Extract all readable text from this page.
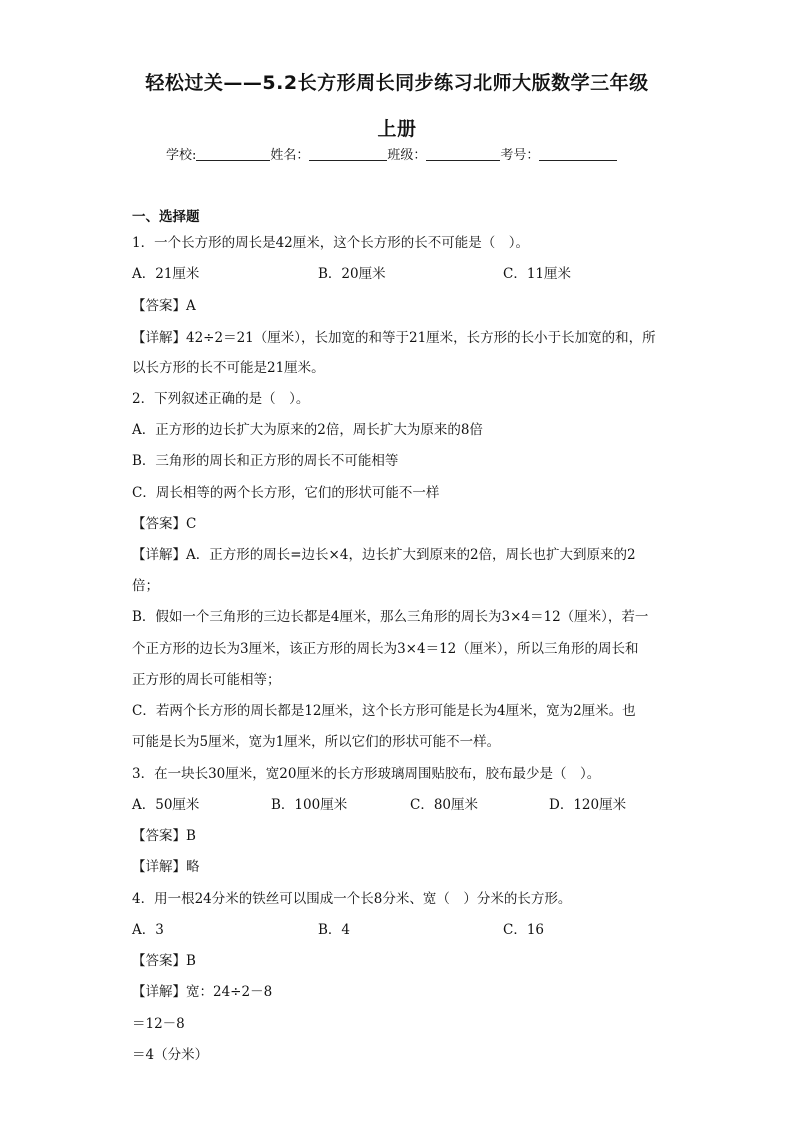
轻松过关——5.2长方形周长同步练习北师大版数学三年级
上册
学校:	姓名：	班级：	考号：
一、选择题
1．一个长方形的周长是42厘米，这个长方形的长不可能是（　）。
A．21厘米	B．20厘米	C．11厘米
【答案】A
【详解】42÷2＝21（厘米），长加宽的和等于21厘米，长方形的长小于长加宽的和，所
以长方形的长不可能是21厘米。
2．下列叙述正确的是（　）。
A．正方形的边长扩大为原来的2倍，周长扩大为原来的8倍
B．三角形的周长和正方形的周长不可能相等
C．周长相等的两个长方形，它们的形状可能不一样
【答案】C
【详解】A．正方形的周长=边长×4，边长扩大到原来的2倍，周长也扩大到原来的2
倍；
B．假如一个三角形的三边长都是4厘米，那么三角形的周长为3×4＝12（厘米），若一
个正方形的边长为3厘米，该正方形的周长为3×4＝12（厘米），所以三角形的周长和
正方形的周长可能相等；
C．若两个长方形的周长都是12厘米，这个长方形可能是长为4厘米，宽为2厘米。也
可能是长为5厘米，宽为1厘米，所以它们的形状可能不一样。
3．在一块长30厘米，宽20厘米的长方形玻璃周围贴胶布，胶布最少是（　）。
A．50厘米	B．100厘米	C．80厘米	D．120厘米
【答案】B
【详解】略
4．用一根24分米的铁丝可以围成一个长8分米、宽（　）分米的长方形。
A．3	B．4	C．16
【答案】B
【详解】宽：24÷2－8
＝12－8
＝4（分米）
